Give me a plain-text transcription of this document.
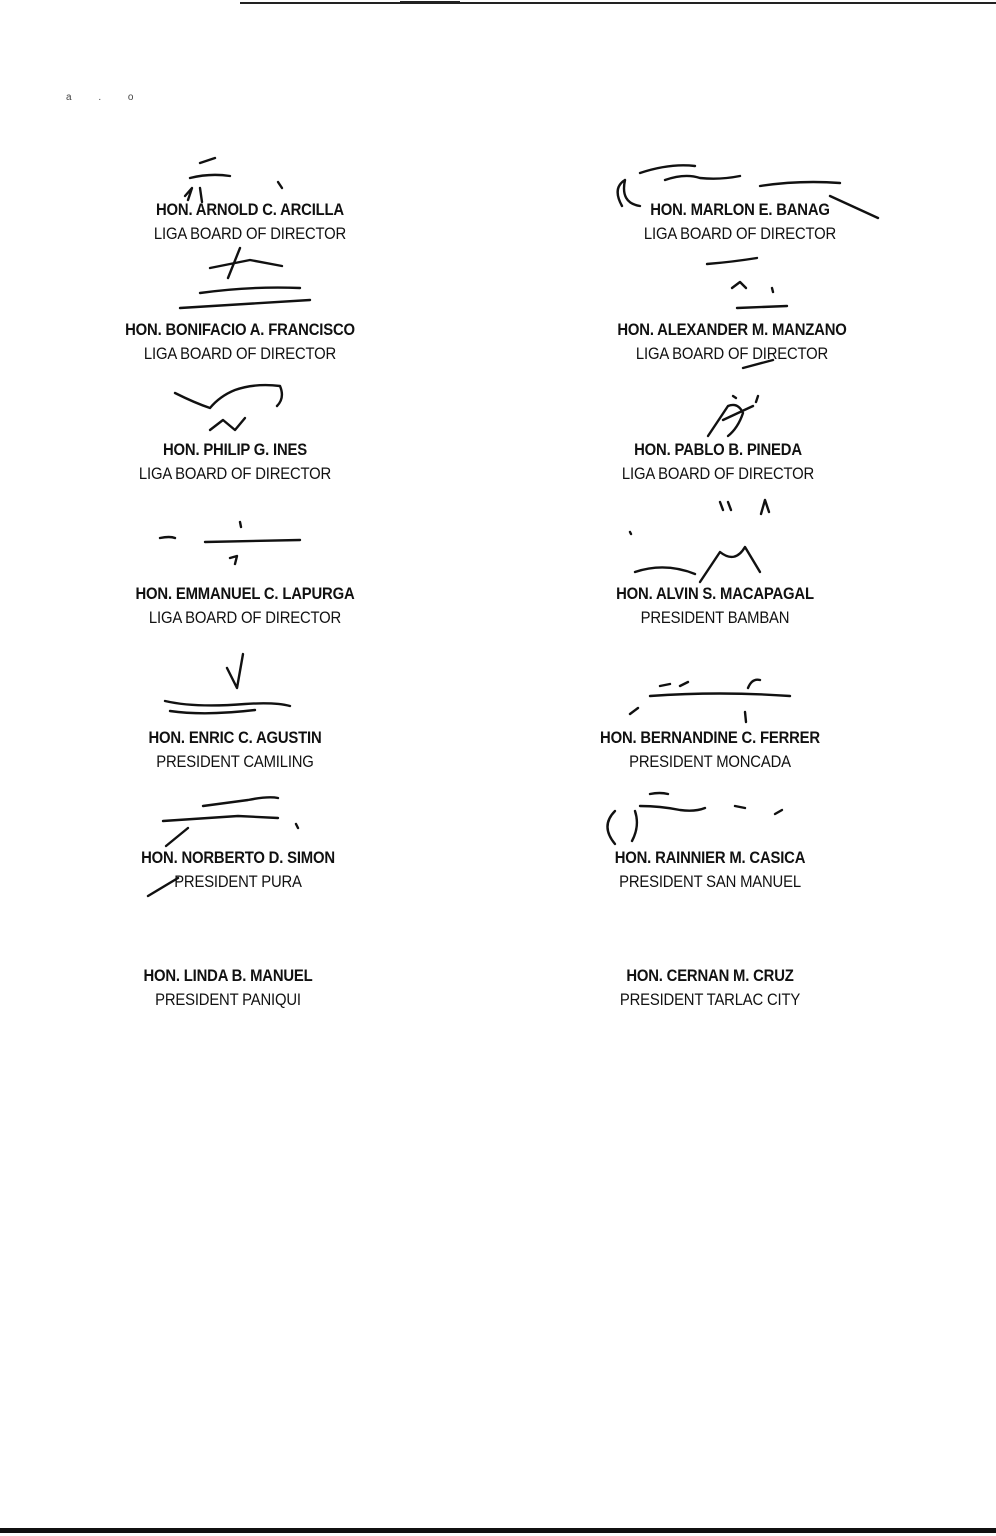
a . o
HON. ARNOLD C. ARCILLA
LIGA BOARD OF DIRECTOR
HON. BONIFACIO A. FRANCISCO
LIGA BOARD OF DIRECTOR
HON. PHILIP G. INES
LIGA BOARD OF DIRECTOR
HON. EMMANUEL C. LAPURGA
LIGA BOARD OF DIRECTOR
HON. ENRIC C. AGUSTIN
PRESIDENT CAMILING
HON. NORBERTO D. SIMON
PRESIDENT PURA
HON. LINDA B. MANUEL
PRESIDENT PANIQUI
HON. MARLON E. BANAG
LIGA BOARD OF DIRECTOR
HON. ALEXANDER M. MANZANO
LIGA BOARD OF DIRECTOR
HON. PABLO B. PINEDA
LIGA BOARD OF DIRECTOR
HON. ALVIN S. MACAPAGAL
PRESIDENT BAMBAN
HON. BERNANDINE C. FERRER
PRESIDENT MONCADA
HON. RAINNIER M. CASICA
PRESIDENT SAN MANUEL
HON. CERNAN M. CRUZ
PRESIDENT TARLAC CITY
